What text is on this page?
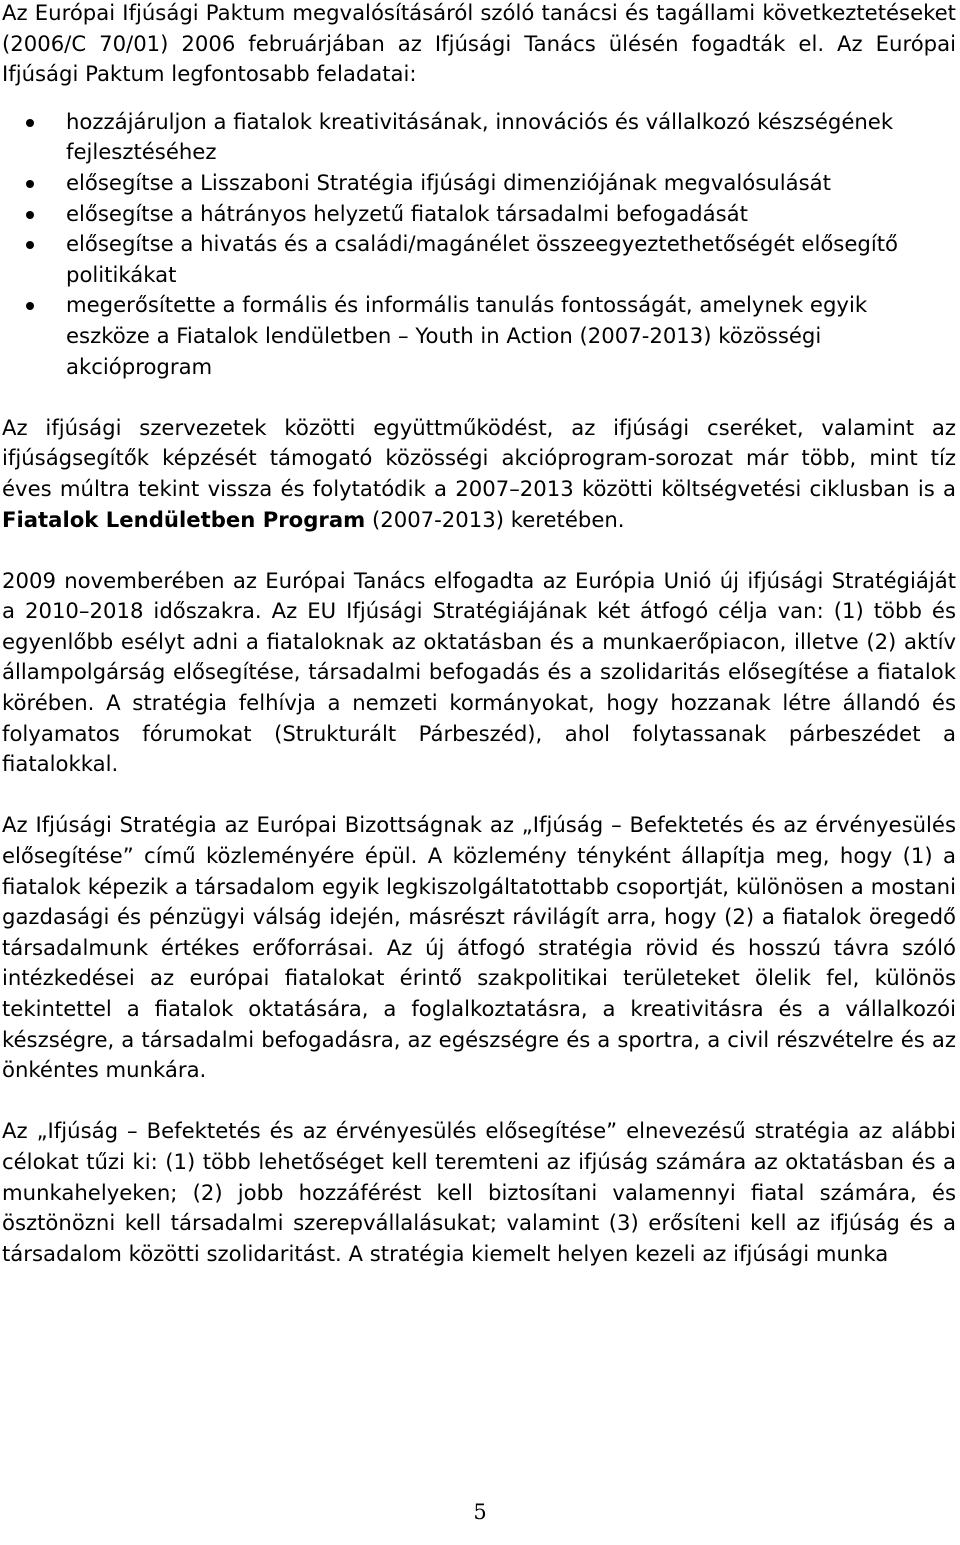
Az Európai Ifjúsági Paktum megvalósításáról szóló tanácsi és tagállami következtetéseket (2006/C 70/01) 2006 februárjában az Ifjúsági Tanács ülésén fogadták el. Az Európai Ifjúsági Paktum legfontosabb feladatai:

hozzájáruljon a fiatalok kreativitásának, innovációs és vállalkozó készségének fejlesztéséhez
elősegítse a Lisszaboni Stratégia ifjúsági dimenziójának megvalósulását
elősegítse a hátrányos helyzetű fiatalok társadalmi befogadását
elősegítse a hivatás és a családi/magánélet összeegyeztethetőségét elősegítő politikákat
megerősítette a formális és informális tanulás fontosságát, amelynek egyik eszköze a Fiatalok lendületben – Youth in Action (2007-2013) közösségi akcióprogram

Az ifjúsági szervezetek közötti együttműködést, az ifjúsági cseréket, valamint az ifjúságsegítők képzését támogató közösségi akcióprogram-sorozat már több, mint tíz éves múltra tekint vissza és folytatódik a 2007–2013 közötti költségvetési ciklusban is a Fiatalok Lendületben Program (2007-2013) keretében.

2009 novemberében az Európai Tanács elfogadta az Európia Unió új ifjúsági Stratégiáját a 2010–2018 időszakra. Az EU Ifjúsági Stratégiájának két átfogó célja van: (1) több és egyenlőbb esélyt adni a fiataloknak az oktatásban és a munkaerőpiacon, illetve (2) aktív állampolgárság elősegítése, társadalmi befogadás és a szolidaritás elősegítése a fiatalok körében. A stratégia felhívja a nemzeti kormányokat, hogy hozzanak létre állandó és folyamatos fórumokat (Strukturált Párbeszéd), ahol folytassanak párbeszédet a fiatalokkal.

Az Ifjúsági Stratégia az Európai Bizottságnak az „Ifjúság – Befektetés és az érvényesülés elősegítése” című közleményére épül. A közlemény tényként állapítja meg, hogy (1) a fiatalok képezik a társadalom egyik legkiszolgáltatottabb csoportját, különösen a mostani gazdasági és pénzügyi válság idején, másrészt rávilágít arra, hogy (2) a fiatalok öregedő társadalmunk értékes erőforrásai. Az új átfogó stratégia rövid és hosszú távra szóló intézkedései az európai fiatalokat érintő szakpolitikai területeket ölelik fel, különös tekintettel a fiatalok oktatására, a foglalkoztatásra, a kreativitásra és a vállalkozói készségre, a társadalmi befogadásra, az egészségre és a sportra, a civil részvételre és az önkéntes munkára.

Az „Ifjúság – Befektetés és az érvényesülés elősegítése” elnevezésű stratégia az alábbi célokat tűzi ki: (1) több lehetőséget kell teremteni az ifjúság számára az oktatásban és a munkahelyeken; (2) jobb hozzáférést kell biztosítani valamennyi fiatal számára, és ösztönözni kell társadalmi szerepvállalásukat; valamint (3) erősíteni kell az ifjúság és a társadalom közötti szolidaritást. A stratégia kiemelt helyen kezeli az ifjúsági munka

5
